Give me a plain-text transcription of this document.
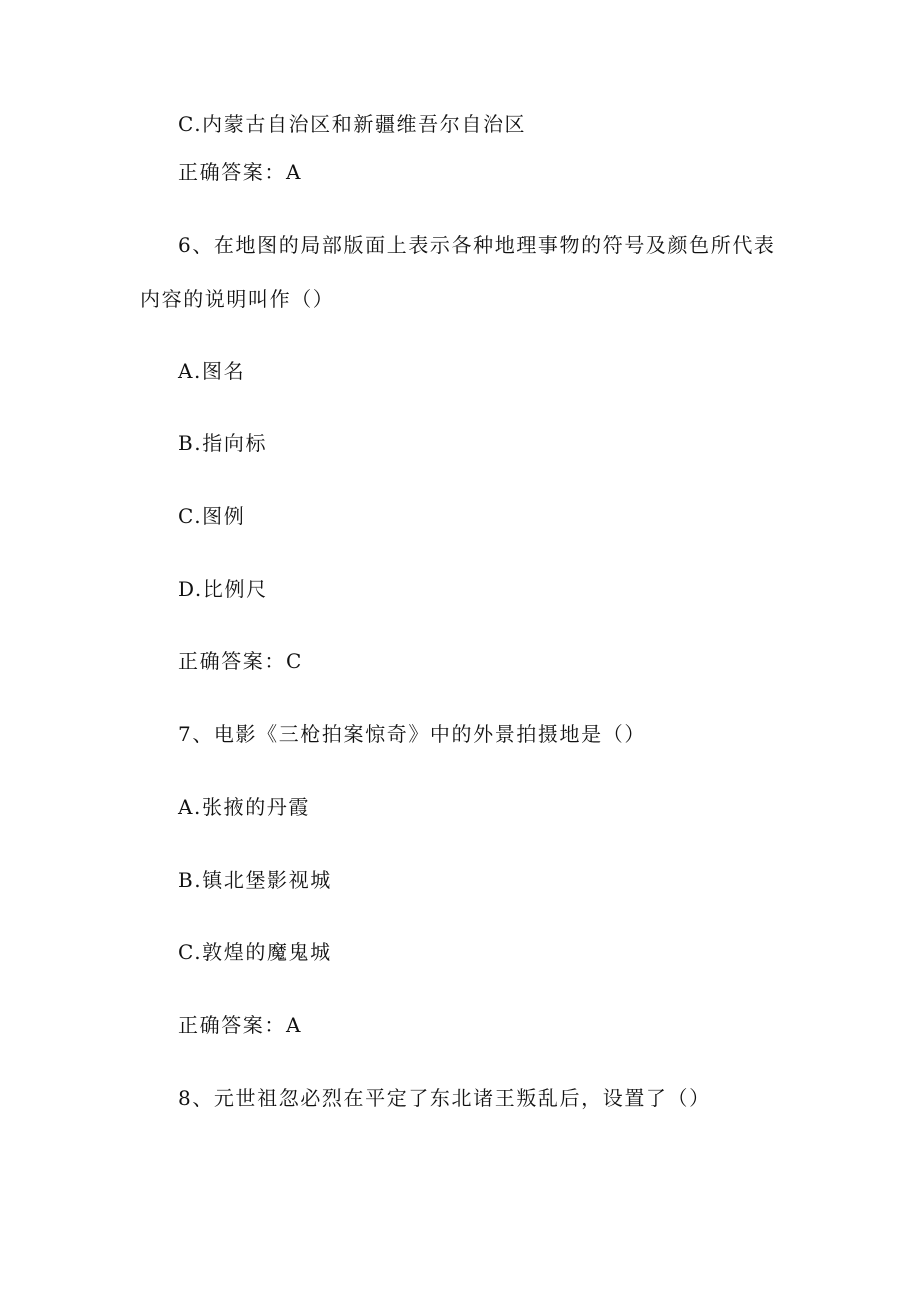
C.内蒙古自治区和新疆维吾尔自治区
正确答案：A
6、在地图的局部版面上表示各种地理事物的符号及颜色所代表
内容的说明叫作（）
A.图名
B.指向标
C.图例
D.比例尺
正确答案：C
7、电影《三枪拍案惊奇》中的外景拍摄地是（）
A.张掖的丹霞
B.镇北堡影视城
C.敦煌的魔鬼城
正确答案：A
8、元世祖忽必烈在平定了东北诸王叛乱后，设置了（）
